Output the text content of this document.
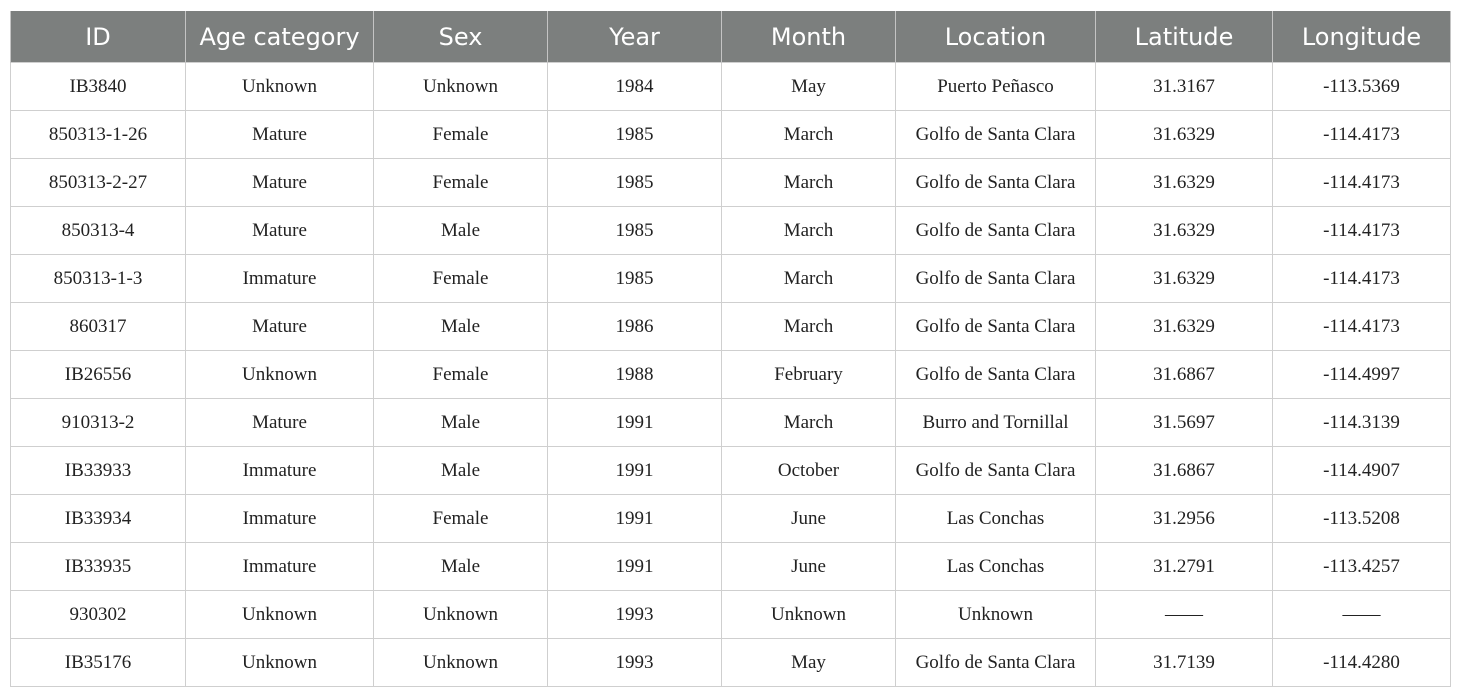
ID	Age category	Sex	Year	Month	Location	Latitude	Longitude
IB3840	Unknown	Unknown	1984	May	Puerto Peñasco	31.3167	-113.5369
850313-1-26	Mature	Female	1985	March	Golfo de Santa Clara	31.6329	-114.4173
850313-2-27	Mature	Female	1985	March	Golfo de Santa Clara	31.6329	-114.4173
850313-4	Mature	Male	1985	March	Golfo de Santa Clara	31.6329	-114.4173
850313-1-3	Immature	Female	1985	March	Golfo de Santa Clara	31.6329	-114.4173
860317	Mature	Male	1986	March	Golfo de Santa Clara	31.6329	-114.4173
IB26556	Unknown	Female	1988	February	Golfo de Santa Clara	31.6867	-114.4997
910313-2	Mature	Male	1991	March	Burro and Tornillal	31.5697	-114.3139
IB33933	Immature	Male	1991	October	Golfo de Santa Clara	31.6867	-114.4907
IB33934	Immature	Female	1991	June	Las Conchas	31.2956	-113.5208
IB33935	Immature	Male	1991	June	Las Conchas	31.2791	-113.4257
930302	Unknown	Unknown	1993	Unknown	Unknown	——	——
IB35176	Unknown	Unknown	1993	May	Golfo de Santa Clara	31.7139	-114.4280
